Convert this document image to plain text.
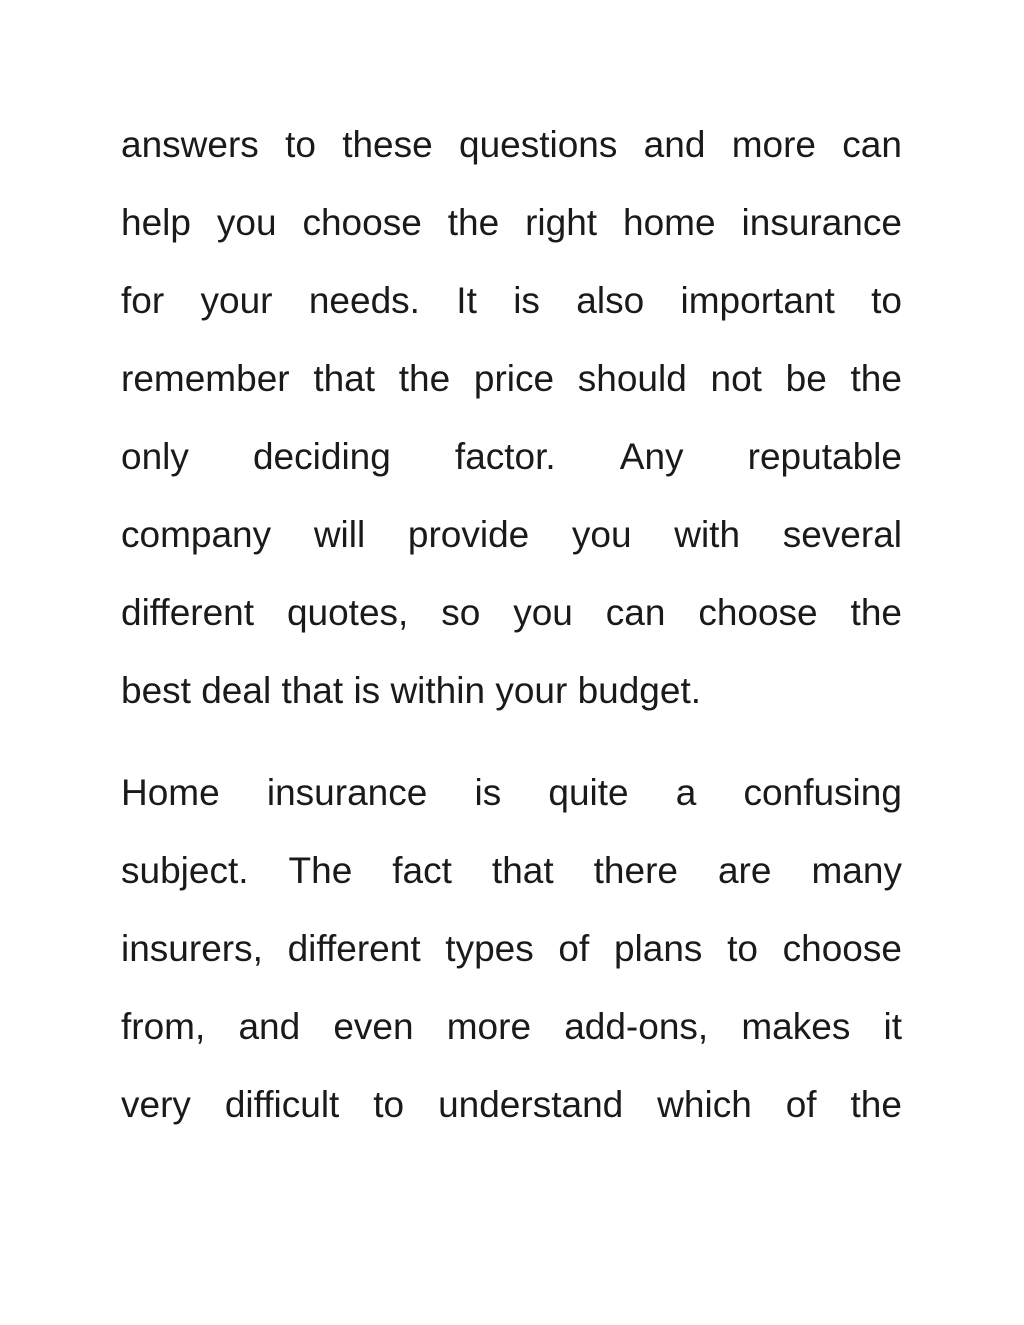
answers to these questions and more can

help you choose the right home insurance

for your needs. It is also important to

remember that the price should not be the

only deciding factor. Any reputable

company will provide you with several

different quotes, so you can choose the

best deal that is within your budget.

Home insurance is quite a confusing

subject. The fact that there are many

insurers, different types of plans to choose

from, and even more add-ons, makes it

very difficult to understand which of the
